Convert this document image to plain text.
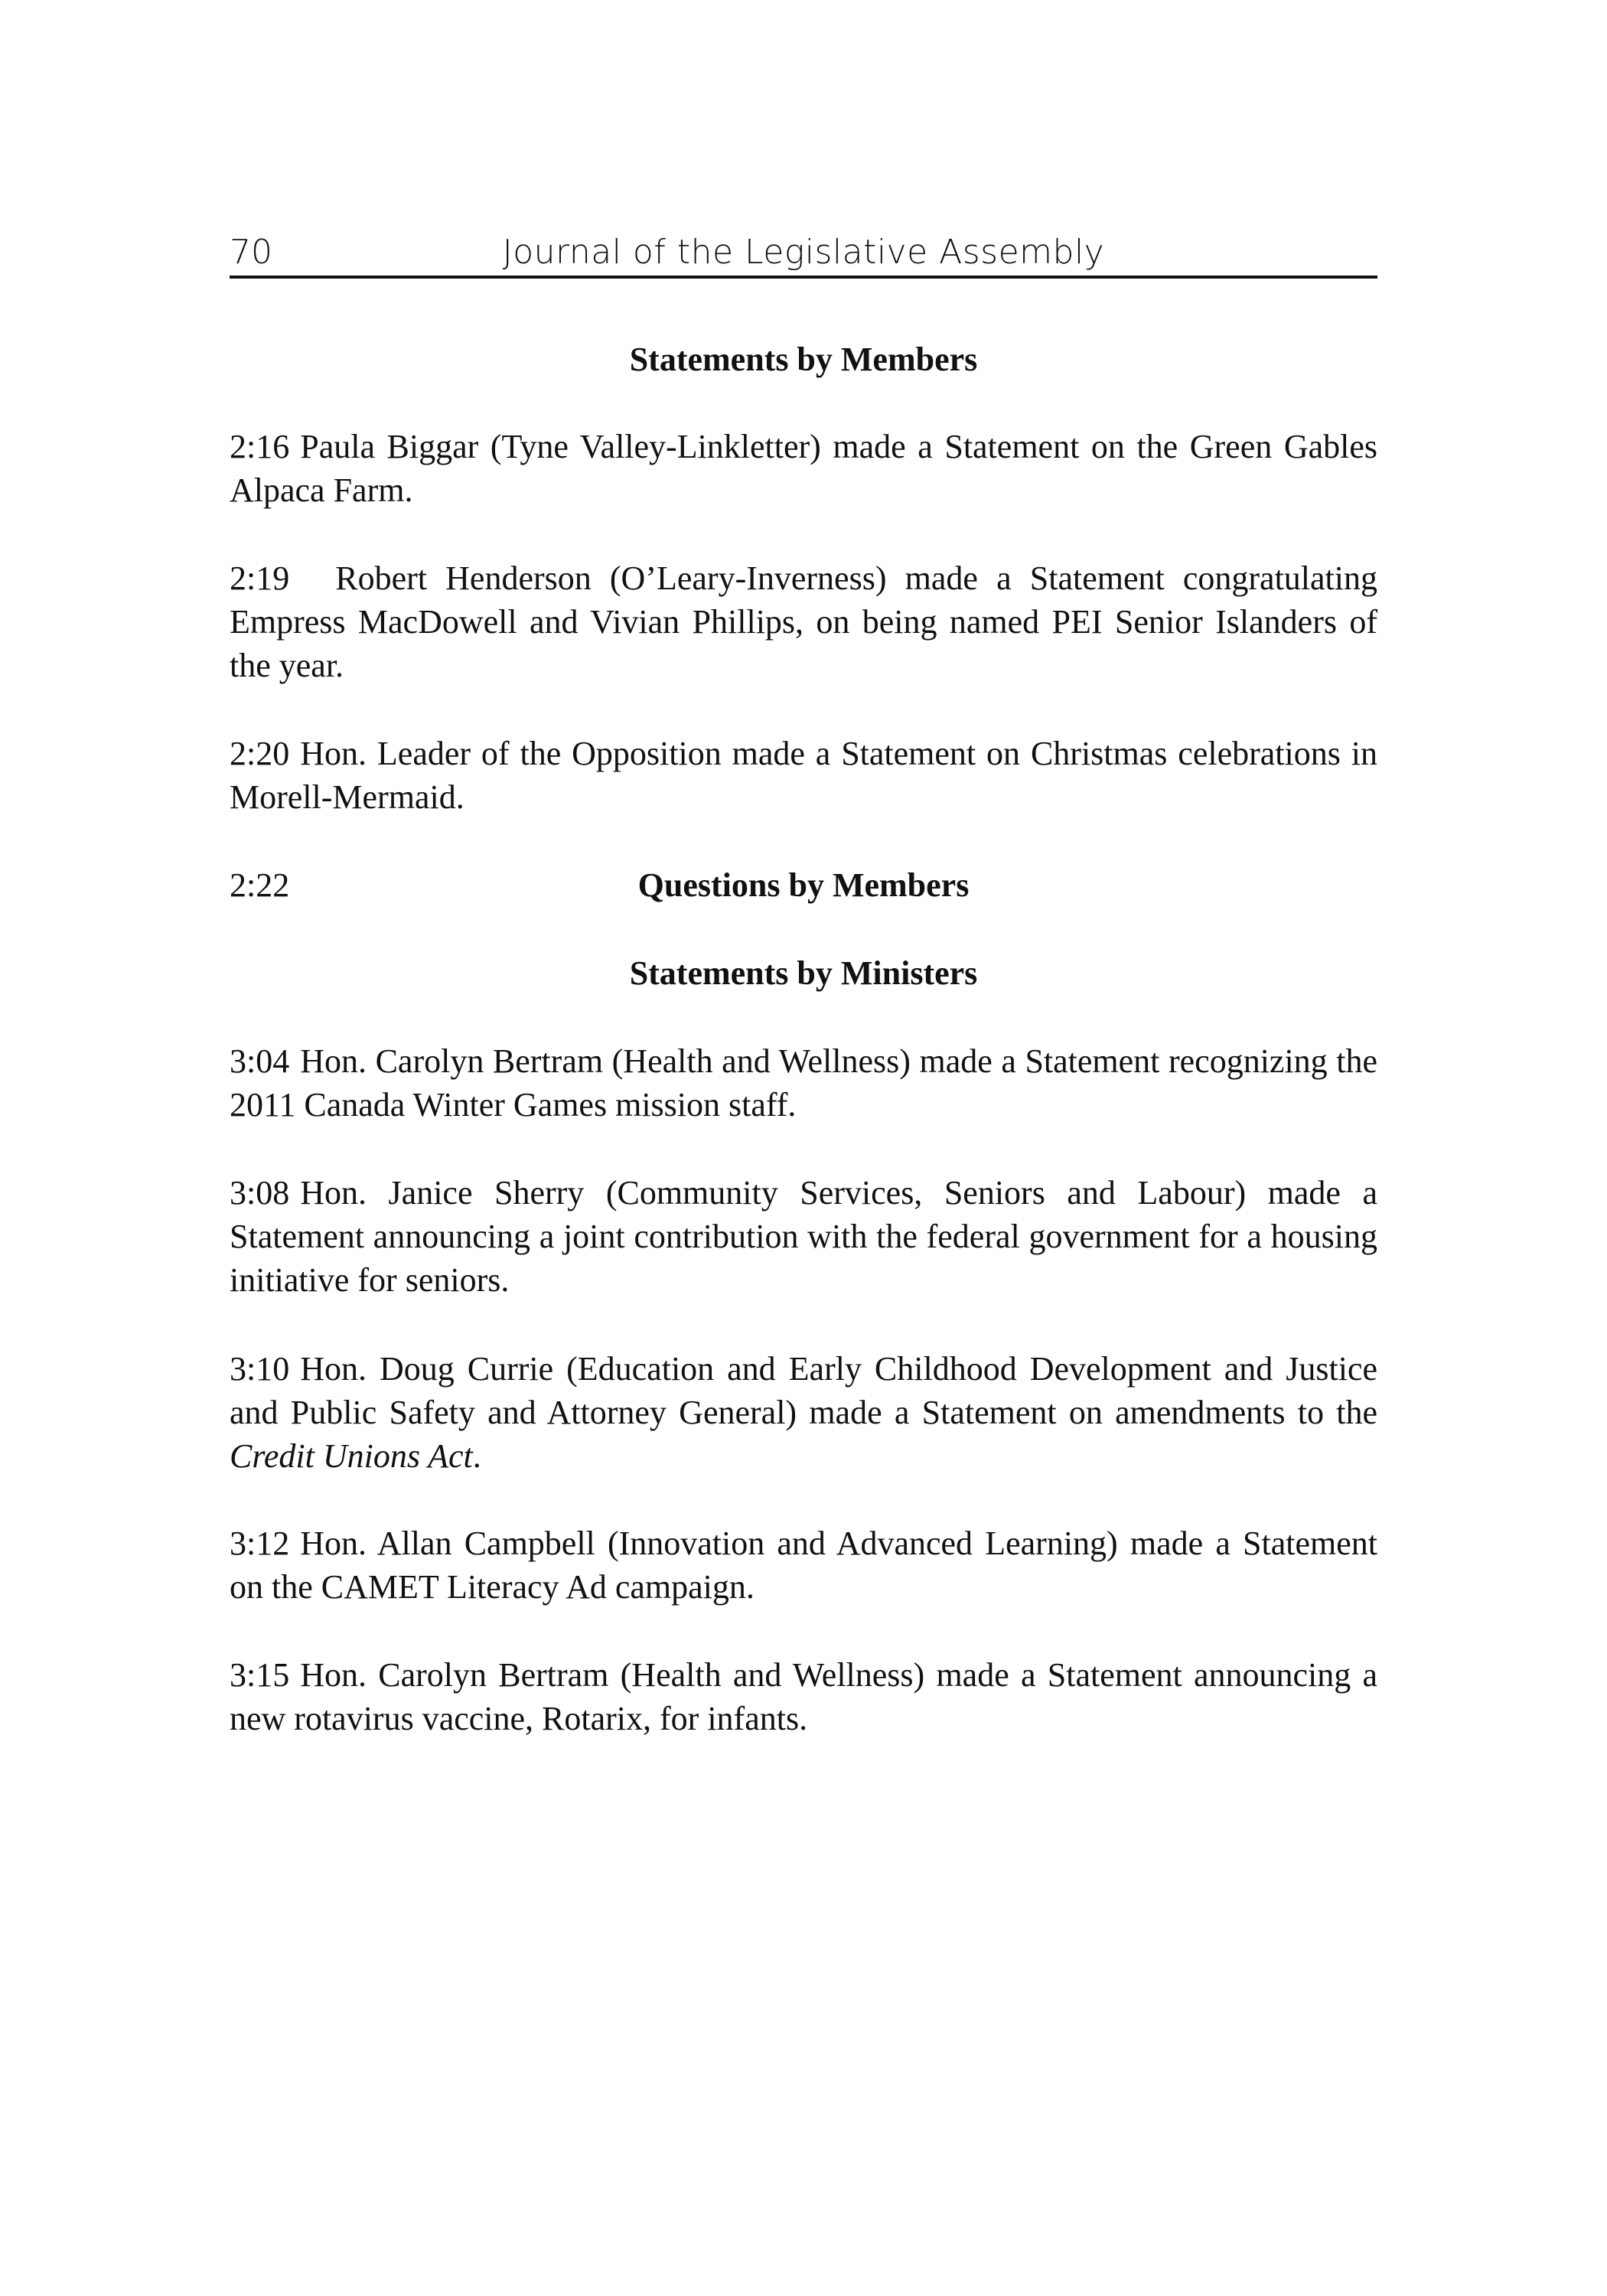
70	Journal of the Legislative Assembly
Statements by Members
2:16 Paula Biggar (Tyne Valley-Linkletter) made a Statement on the Green Gables Alpaca Farm.
2:19 Robert Henderson (O’Leary-Inverness) made a Statement congratulating Empress MacDowell and Vivian Phillips, on being named PEI Senior Islanders of the year.
2:20 Hon. Leader of the Opposition made a Statement on Christmas celebrations in Morell-Mermaid.
2:22	Questions by Members
Statements by Ministers
3:04 Hon. Carolyn Bertram (Health and Wellness) made a Statement recognizing the 2011 Canada Winter Games mission staff.
3:08 Hon. Janice Sherry (Community Services, Seniors and Labour) made a Statement announcing a joint contribution with the federal government for a housing initiative for seniors.
3:10 Hon. Doug Currie (Education and Early Childhood Development and Justice and Public Safety and Attorney General) made a Statement on amendments to the Credit Unions Act.
3:12 Hon. Allan Campbell (Innovation and Advanced Learning) made a Statement on the CAMET Literacy Ad campaign.
3:15 Hon. Carolyn Bertram (Health and Wellness) made a Statement announcing a new rotavirus vaccine, Rotarix, for infants.
